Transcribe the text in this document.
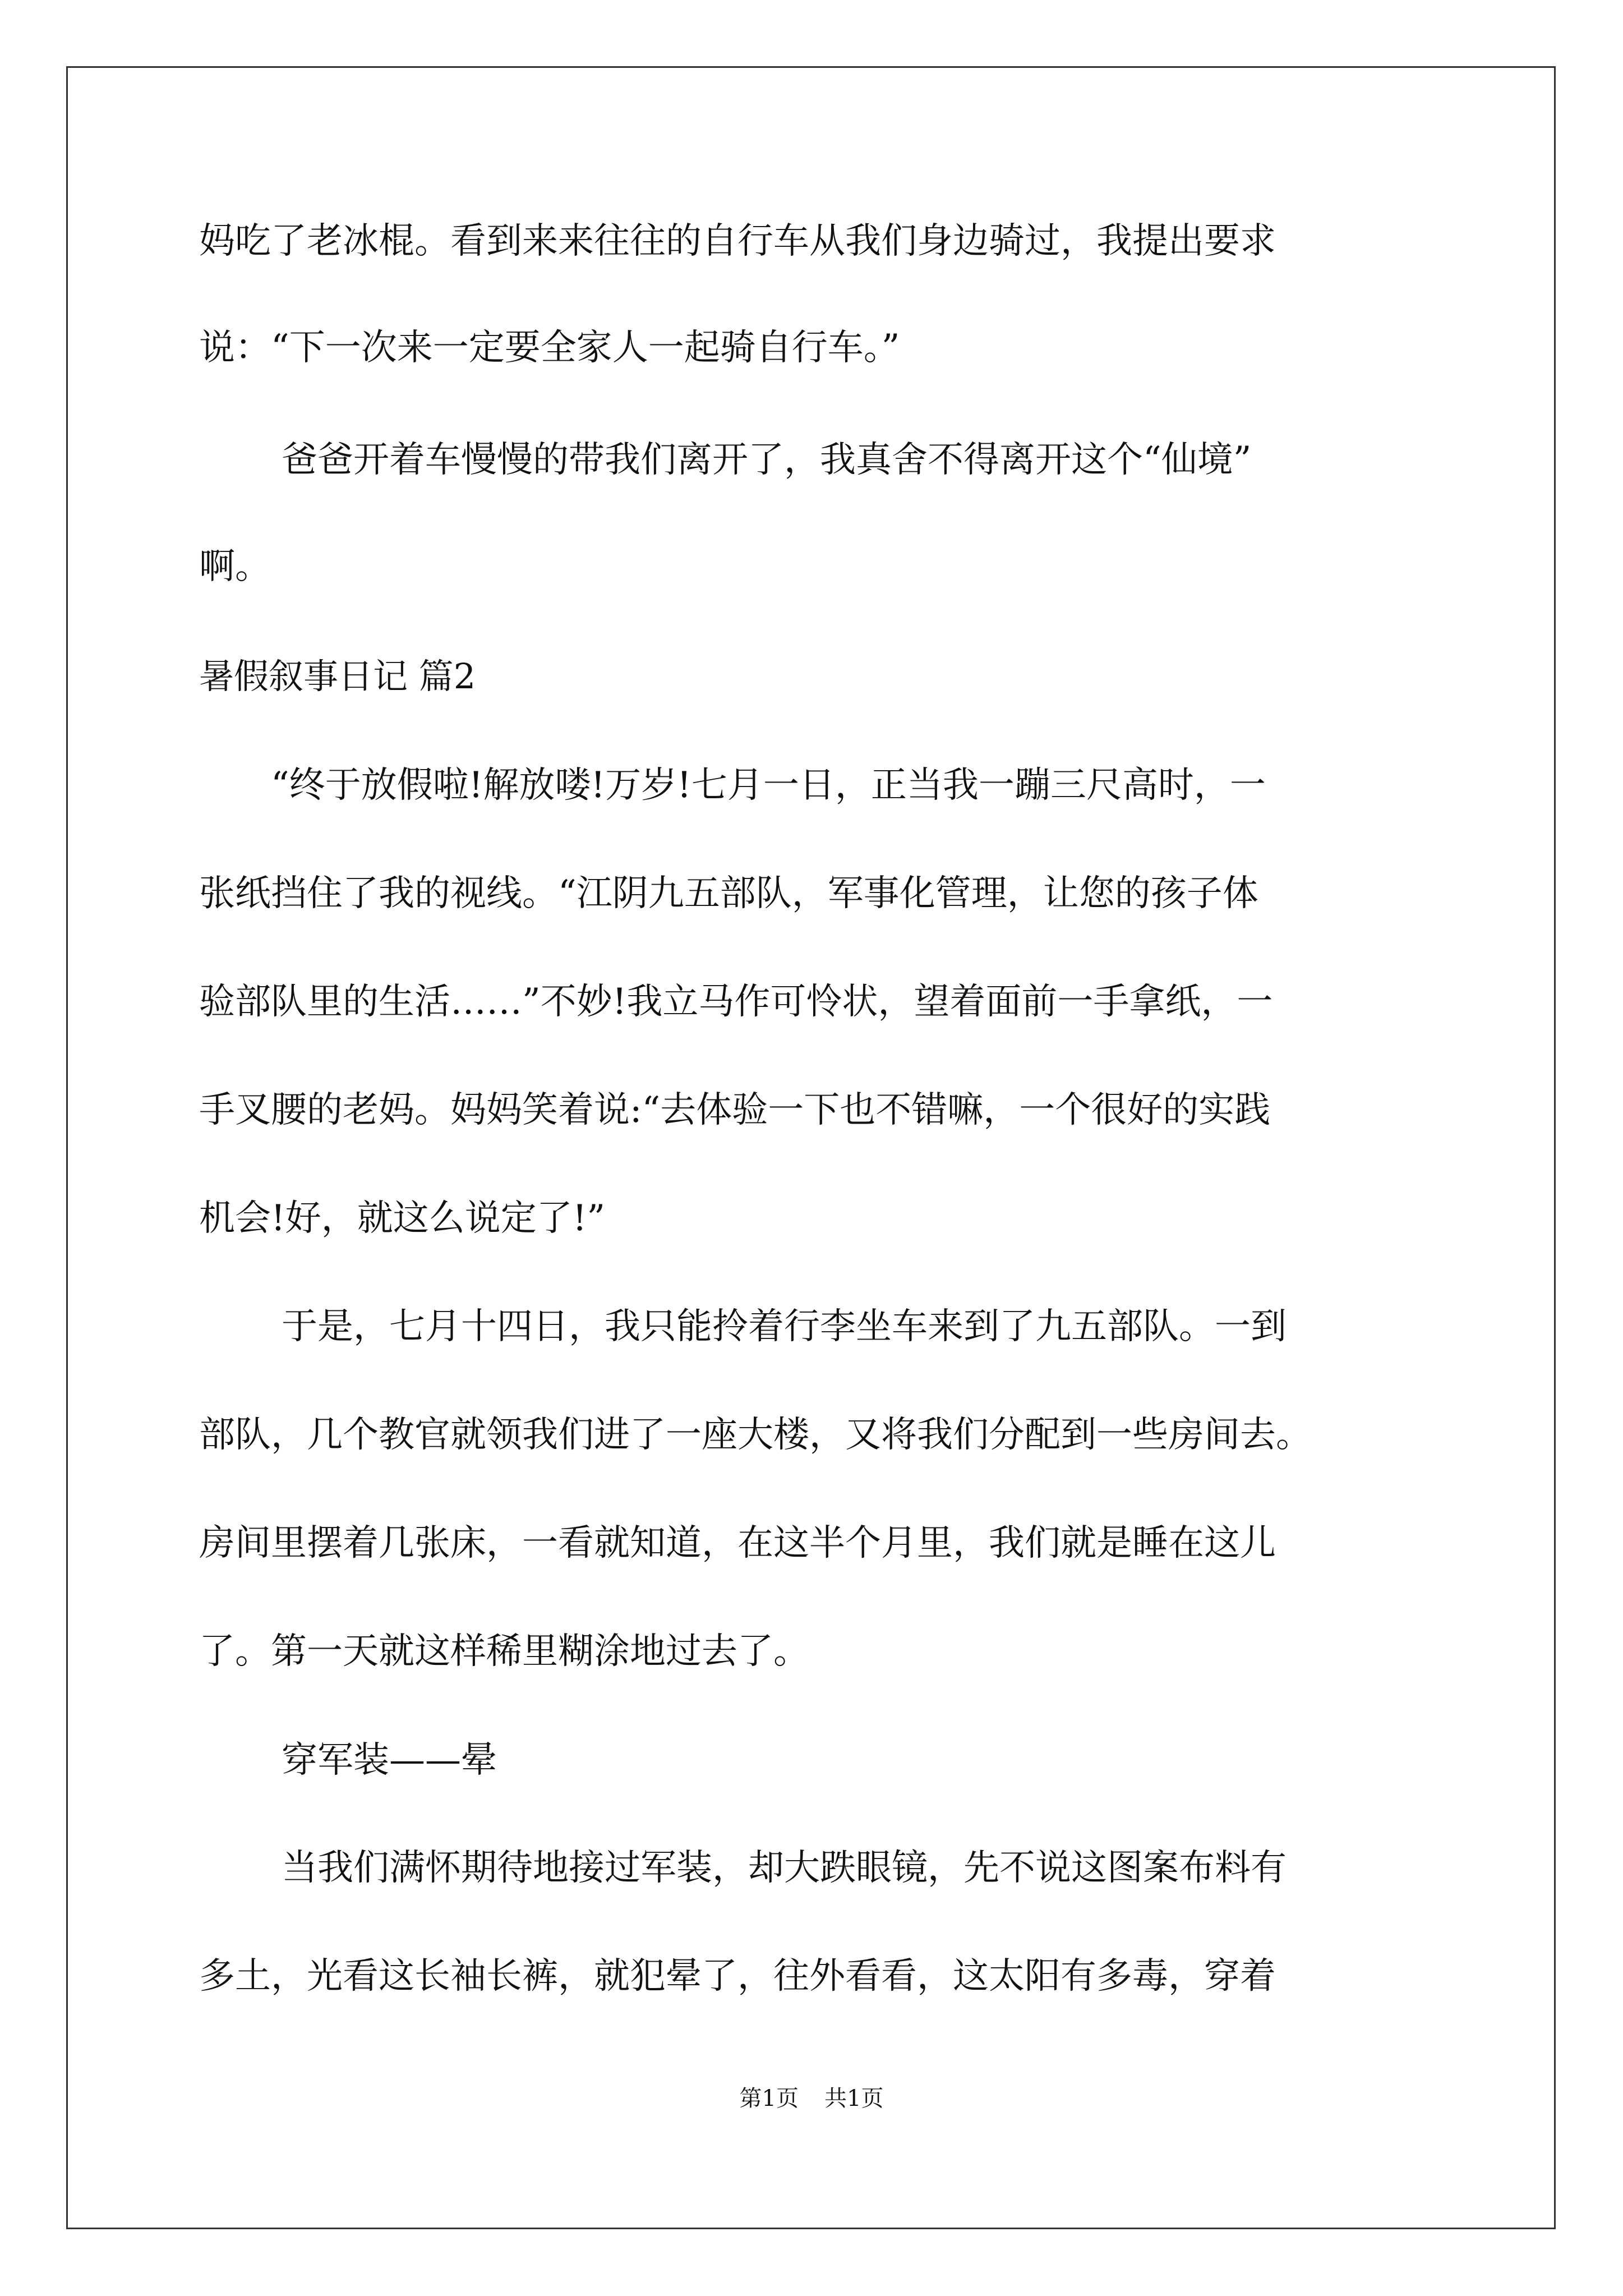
妈吃了老冰棍。看到来来往往的自行车从我们身边骑过，我提出要求
说：“下一次来一定要全家人一起骑自行车。”
爸爸开着车慢慢的带我们离开了，我真舍不得离开这个“仙境”
啊。
暑假叙事日记 篇2
“终于放假啦!解放喽!万岁!七月一日，正当我一蹦三尺高时，一
张纸挡住了我的视线。“江阴九五部队，军事化管理，让您的孩子体
验部队里的生活……”不妙!我立马作可怜状，望着面前一手拿纸，一
手叉腰的老妈。妈妈笑着说:“去体验一下也不错嘛，一个很好的实践
机会!好，就这么说定了!”
于是，七月十四日，我只能拎着行李坐车来到了九五部队。一到
部队，几个教官就领我们进了一座大楼，又将我们分配到一些房间去。
房间里摆着几张床，一看就知道，在这半个月里，我们就是睡在这儿
了。第一天就这样稀里糊涂地过去了。
穿军装——晕
当我们满怀期待地接过军装，却大跌眼镜，先不说这图案布料有
多土，光看这长袖长裤，就犯晕了，往外看看，这太阳有多毒，穿着
第1页 共1页
